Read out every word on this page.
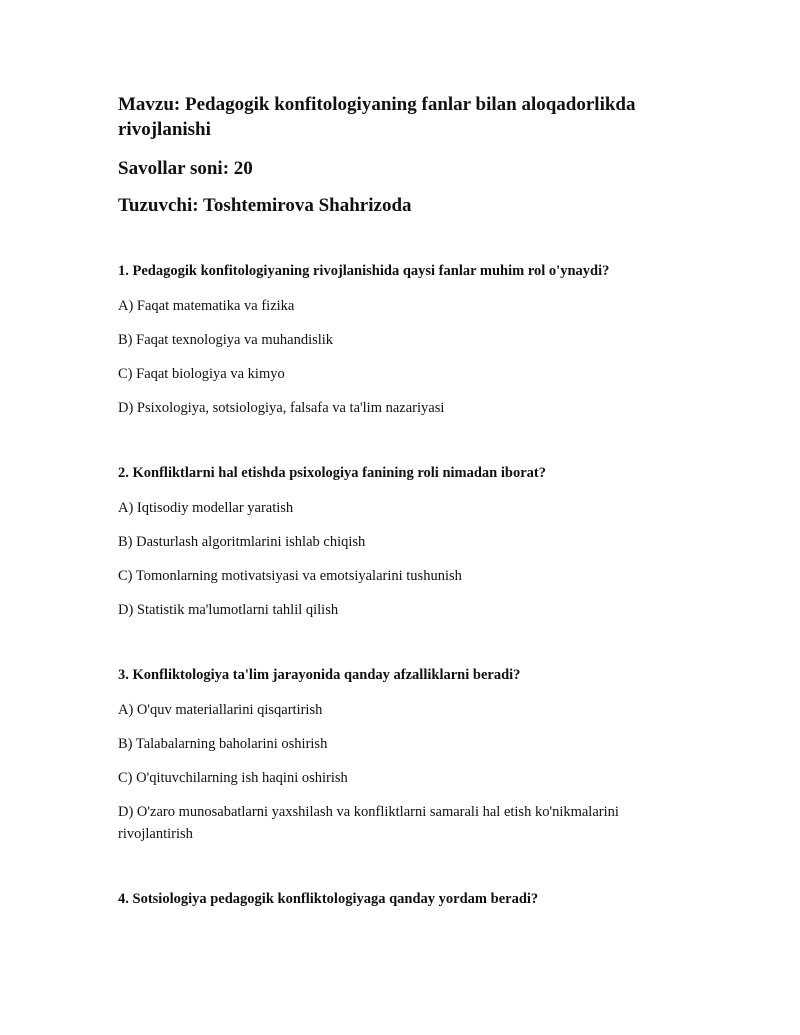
Mavzu: Pedagogik konfitologiyaning fanlar bilan aloqadorlikda rivojlanishi

Savollar soni: 20

Tuzuvchi: Toshtemirova Shahrizoda

1. Pedagogik konfitologiyaning rivojlanishida qaysi fanlar muhim rol o'ynaydi?

A) Faqat matematika va fizika

B) Faqat texnologiya va muhandislik

C) Faqat biologiya va kimyo

D) Psixologiya, sotsiologiya, falsafa va ta'lim nazariyasi

2. Konfliktlarni hal etishda psixologiya fanining roli nimadan iborat?

A) Iqtisodiy modellar yaratish

B) Dasturlash algoritmlarini ishlab chiqish

C) Tomonlarning motivatsiyasi va emotsiyalarini tushunish

D) Statistik ma'lumotlarni tahlil qilish

3. Konfliktologiya ta'lim jarayonida qanday afzalliklarni beradi?

A) O'quv materiallarini qisqartirish

B) Talabalarning baholarini oshirish

C) O'qituvchilarning ish haqini oshirish

D) O'zaro munosabatlarni yaxshilash va konfliktlarni samarali hal etish ko'nikmalarini rivojlantirish

4. Sotsiologiya pedagogik konfliktologiyaga qanday yordam beradi?
